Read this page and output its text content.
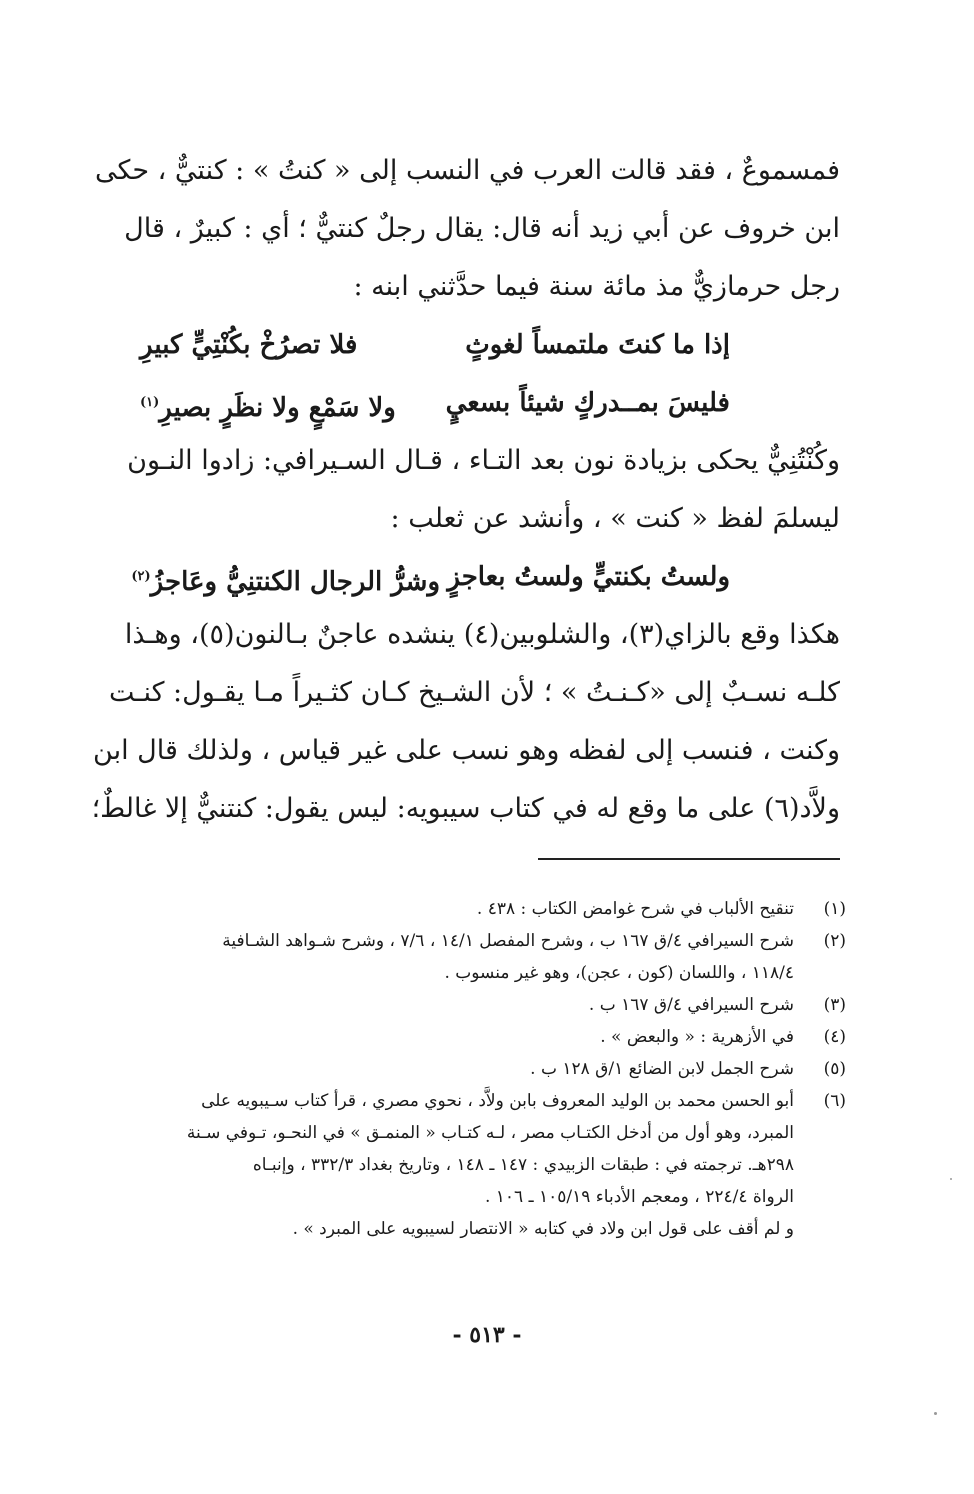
فمسموعٌ ، فقد قالت العرب في النسب إلى « كنتُ » : كنتيٌّ ، حكى
ابن خروف عن أبي زيد أنه قال: يقال رجلٌ كنتيٌّ ؛ أي : كبيرٌ ، قال
رجل حرمازيٌّ مذ مائة سنة فيما حدَّثني ابنه :
إذا ما كنتَ ملتمساً لغوثٍ
فلا تصرُخْ بكُنْتِيٍّ كبيرِ
فليسَ بمــدركٍ شيئاً بسعيٍ
ولا سَمْعٍ ولا نظَرٍ بصيرِ$^{(١)}$
وكُنْتُنِيٌّ يحكى بزيادة نون بعد التـاء ، قـال السـيرافي: زادوا النـون
ليسلمَ لفظ « كنت » ، وأنشد عن ثعلب :
ولستُ بكنتيٍّ ولستُ بعاجزٍ
وشرُّ الرجال الكنتنِيُّ وعَاجزُ$^{(٢)}$
هكذا وقع بالزاي(٣)، والشلوبين(٤) ينشده عاجنٌ بـالنون(٥)، وهـذا
كلـه نسـبٌ إلى «كـنـتُ » ؛ لأن الشـيخ كـان كثـيراً مـا يقـول: كنـت
وكنت ، فنسب إلى لفظه وهو نسب على غير قياس ، ولذلك قال ابن
ولاَّد(٦) على ما وقع له في كتاب سيبويه: ليس يقول: كنتنيٌّ إلا غالطٌ؛
(١)
تنقيح الألباب في شرح غوامض الكتاب : ٤٣٨ .
(٢)
شرح السيرافي ٤/ق ١٦٧ ب ، وشرح المفصل ١٤/١ ، ٧/٦ ، وشرح شـواهد الشـافية
١١٨/٤ ، واللسان (كون ، عجن)، وهو غير منسوب .
(٣)
شرح السيرافي ٤/ق ١٦٧ ب .
(٤)
في الأزهرية : « والبعض » .
(٥)
شرح الجمل لابن الضائع ١/ق ١٢٨ ب .
(٦)
أبو الحسن محمد بن الوليد المعروف بابن ولاَّد ، نحوي مصري ، قرأ كتاب سـيبويه على
المبرد، وهو أول من أدخل الكتـاب مصر ، لـه كتـاب « المنمـق » في النحـو، تـوفي سـنة
٢٩٨هـ. ترجمته في : طبقات الزبيدي : ١٤٧ ـ ١٤٨ ، وتاريخ بغداد ٣٣٢/٣ ، وإنبـاه
الرواة ٢٢٤/٤ ، ومعجم الأدباء ١٠٥/١٩ ـ ١٠٦ .
و لم أقف على قول ابن ولاد في كتابه « الانتصار لسيبويه على المبرد » .
- ٥١٣ -
